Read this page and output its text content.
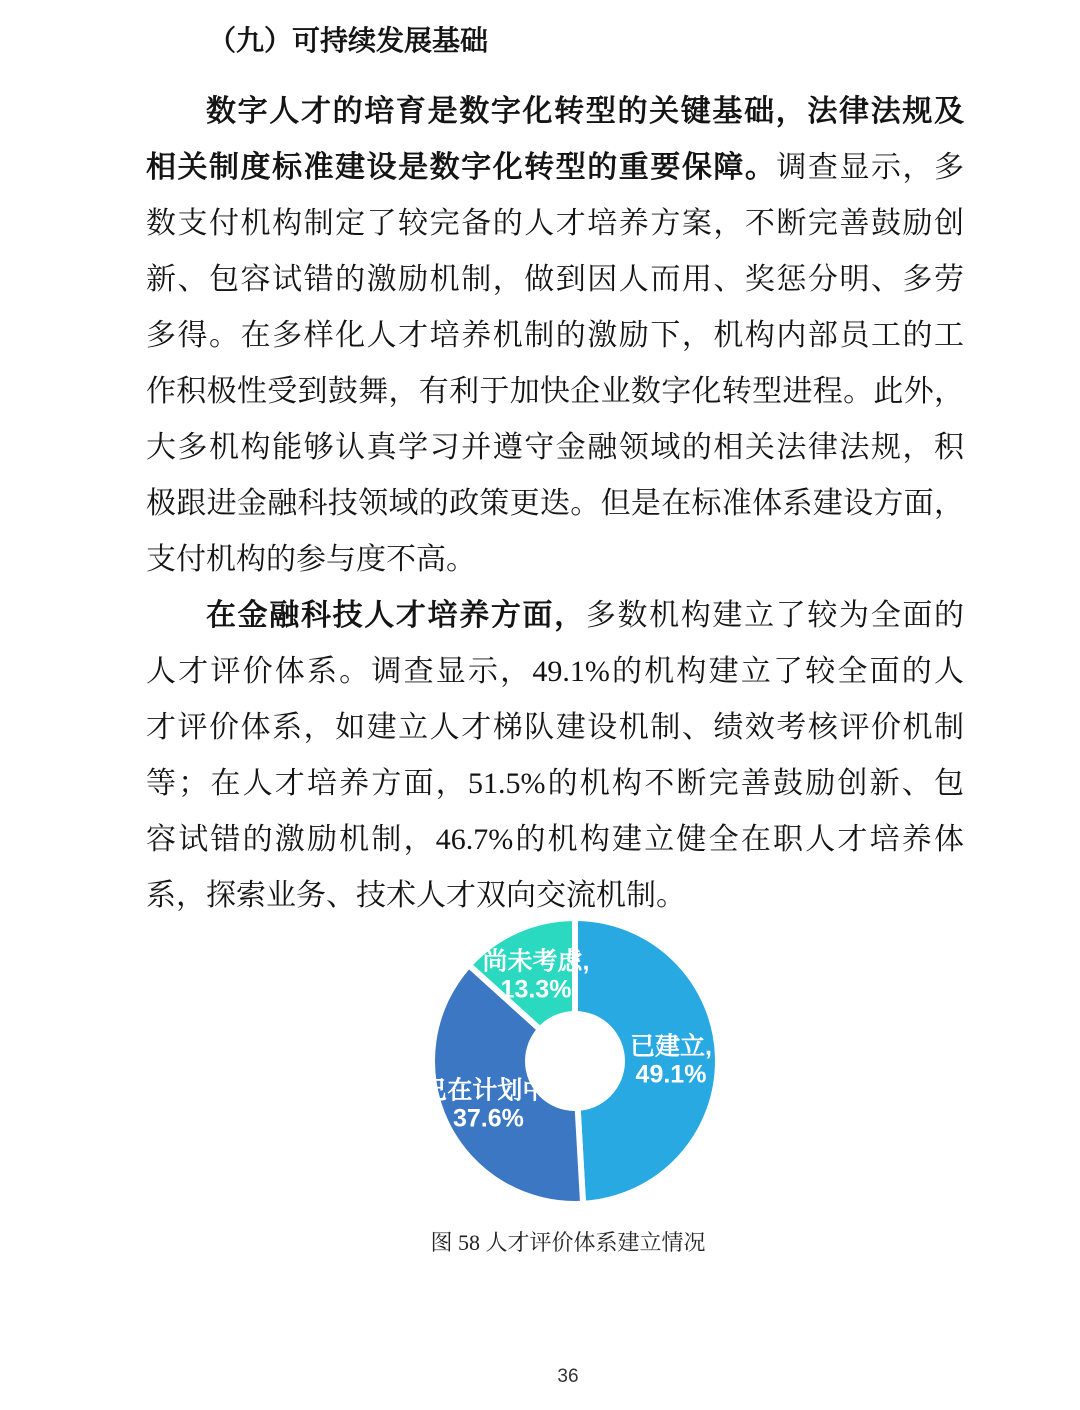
（九）可持续发展基础
数字人才的培育是数字化转型的关键基础，法律法规及
相关制度标准建设是数字化转型的重要保障。调查显示，多
数支付机构制定了较完备的人才培养方案，不断完善鼓励创
新、包容试错的激励机制，做到因人而用、奖惩分明、多劳
多得。在多样化人才培养机制的激励下，机构内部员工的工
作积极性受到鼓舞，有利于加快企业数字化转型进程。此外，
大多机构能够认真学习并遵守金融领域的相关法律法规，积
极跟进金融科技领域的政策更迭。但是在标准体系建设方面，
支付机构的参与度不高。
在金融科技人才培养方面，多数机构建立了较为全面的
人才评价体系。调查显示，49.1%的机构建立了较全面的人
才评价体系，如建立人才梯队建设机制、绩效考核评价机制
等；在人才培养方面，51.5%的机构不断完善鼓励创新、包
容试错的激励机制，46.7%的机构建立健全在职人才培养体
系，探索业务、技术人才双向交流机制。
已建立,
49.1%
已在计划中,
37.6%
尚未考虑,
13.3%
图 58 人才评价体系建立情况
36
